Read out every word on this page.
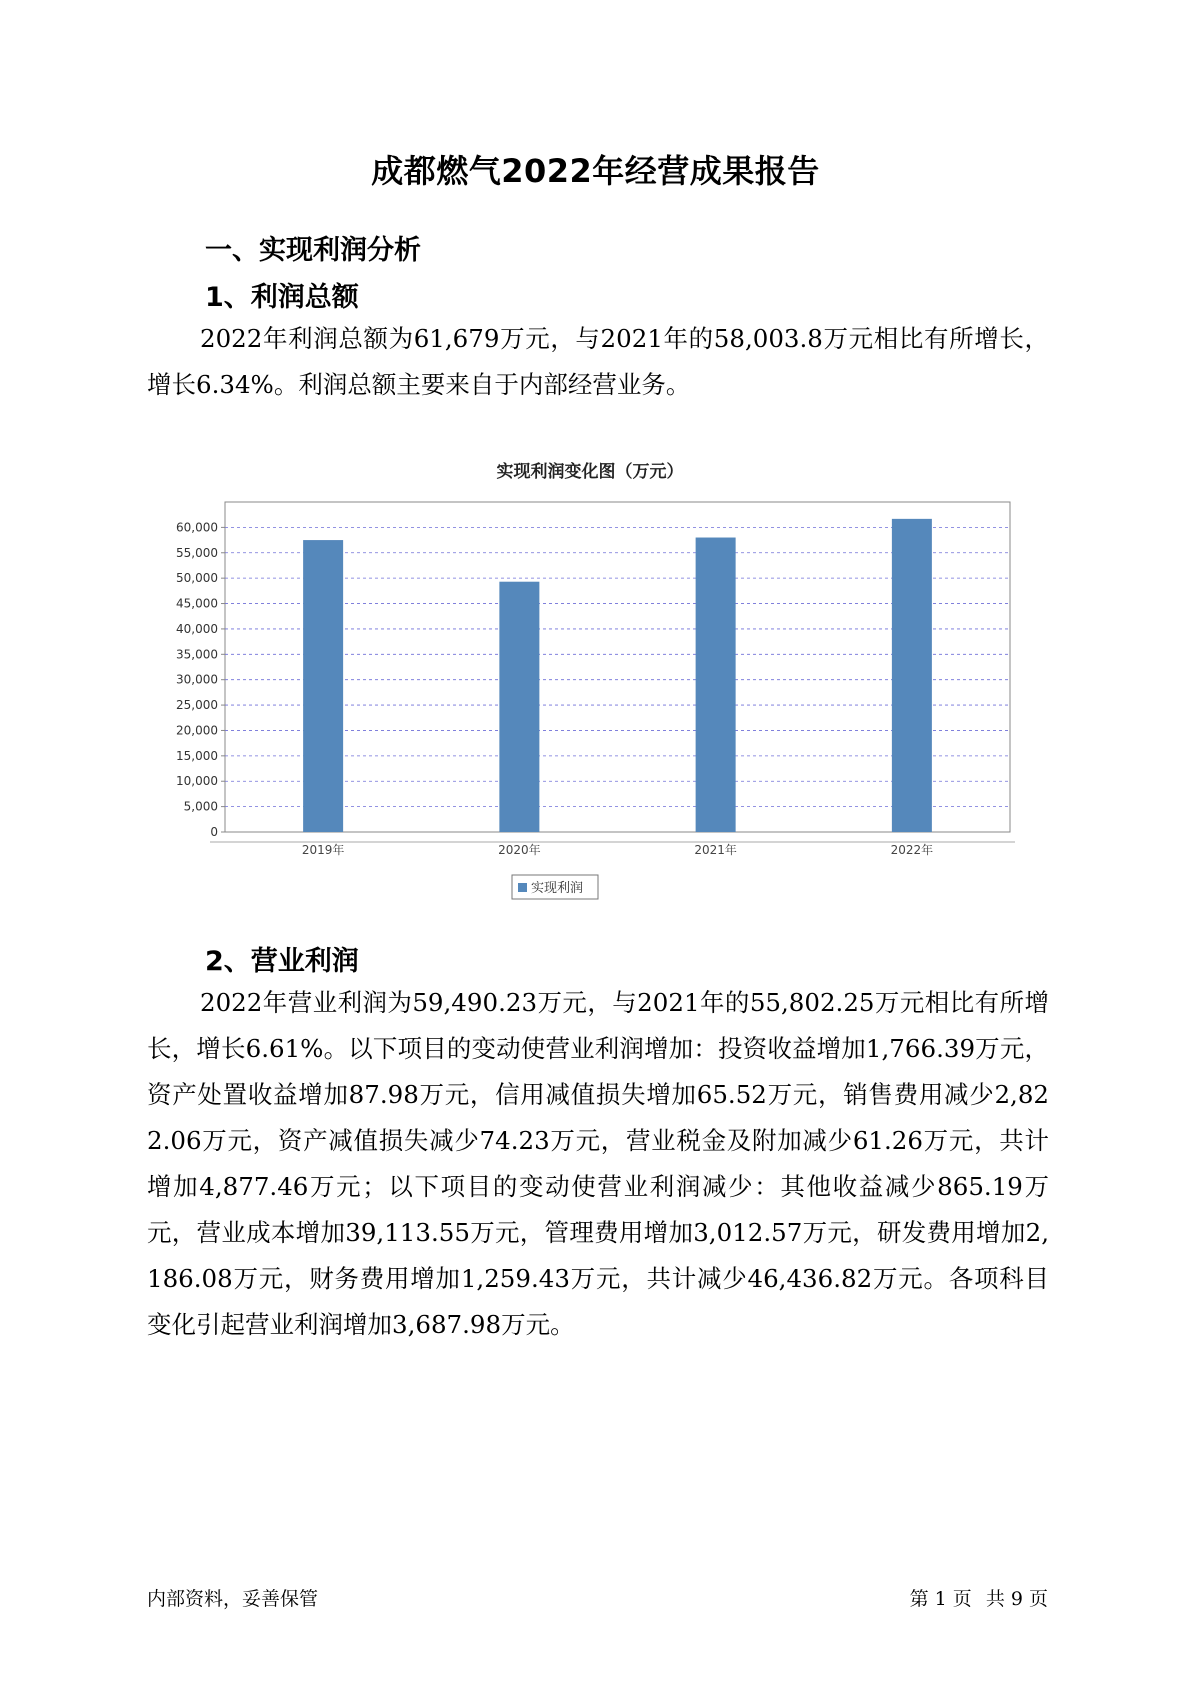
成都燃气2022年经营成果报告
一、实现利润分析
1、利润总额
2022年利润总额为61,679万元，与2021年的58,003.8万元相比有所增长，增长6.34%。利润总额主要来自于内部经营业务。
实现利润变化图（万元）
0
5,000
10,000
15,000
20,000
25,000
30,000
35,000
40,000
45,000
50,000
55,000
60,000
2019年	2020年	2021年	2022年
实现利润
2、营业利润
2022年营业利润为59,490.23万元，与2021年的55,802.25万元相比有所增长，增长6.61%。以下项目的变动使营业利润增加：投资收益增加1,766.39万元，资产处置收益增加87.98万元，信用减值损失增加65.52万元，销售费用减少2,822.06万元，资产减值损失减少74.23万元，营业税金及附加减少61.26万元，共计增加4,877.46万元；以下项目的变动使营业利润减少：其他收益减少865.19万元，营业成本增加39,113.55万元，管理费用增加3,012.57万元，研发费用增加2,186.08万元，财务费用增加1,259.43万元，共计减少46,436.82万元。各项科目变化引起营业利润增加3,687.98万元。
内部资料，妥善保管	第 1 页 共 9 页
